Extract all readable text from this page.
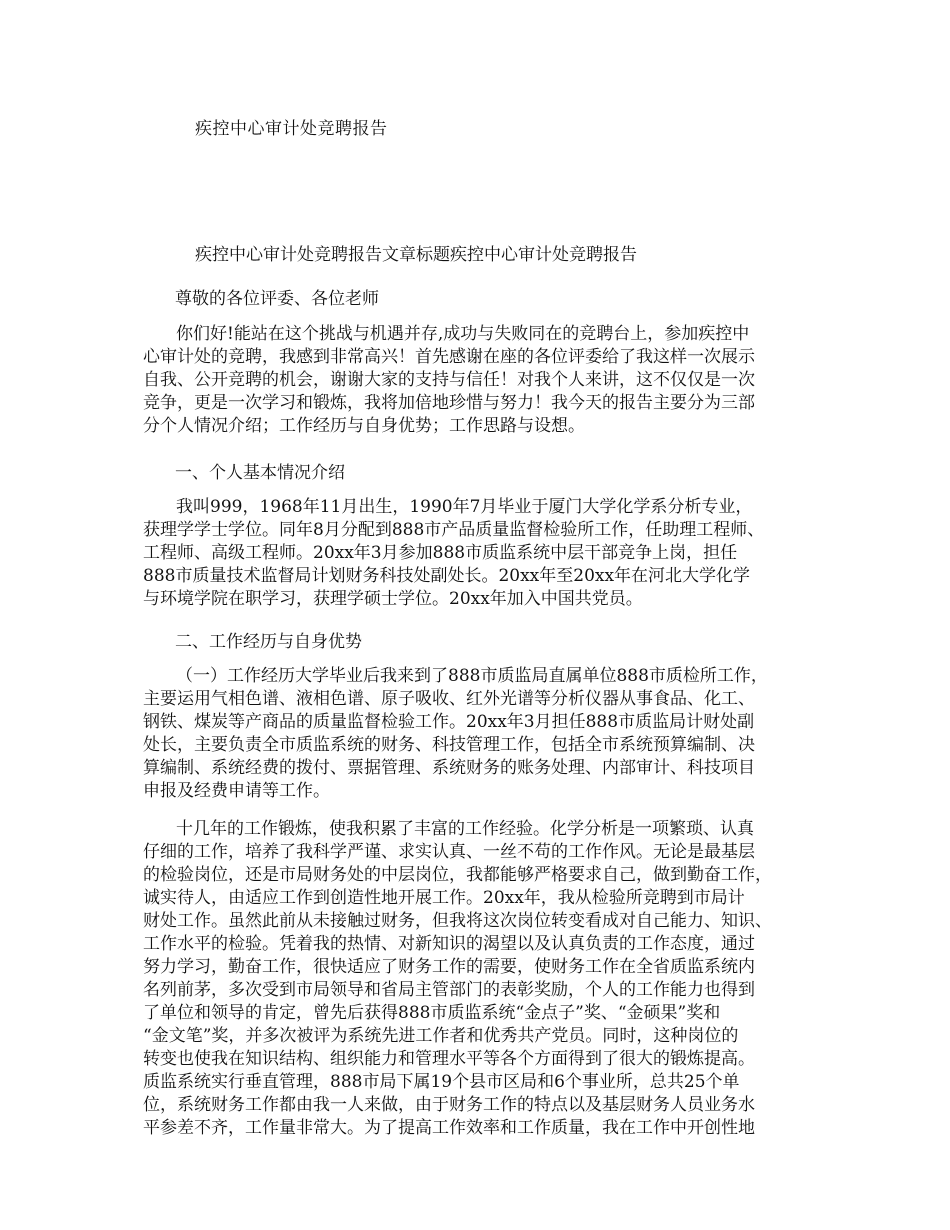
疾控中心审计处竞聘报告
疾控中心审计处竞聘报告文章标题疾控中心审计处竞聘报告
尊敬的各位评委、各位老师
你们好!能站在这个挑战与机遇并存,成功与失败同在的竞聘台上，参加疾控中
心审计处的竞聘，我感到非常高兴！首先感谢在座的各位评委给了我这样一次展示
自我、公开竞聘的机会，谢谢大家的支持与信任！对我个人来讲，这不仅仅是一次
竞争，更是一次学习和锻炼，我将加倍地珍惜与努力！我今天的报告主要分为三部
分个人情况介绍；工作经历与自身优势；工作思路与设想。
一、个人基本情况介绍
我叫999，1968年11月出生，1990年7月毕业于厦门大学化学系分析专业，
获理学学士学位。同年8月分配到888市产品质量监督检验所工作，任助理工程师、
工程师、高级工程师。20xx年3月参加888市质监系统中层干部竞争上岗，担任
888市质量技术监督局计划财务科技处副处长。20xx年至20xx年在河北大学化学
与环境学院在职学习，获理学硕士学位。20xx年加入中国共党员。
二、工作经历与自身优势
（一）工作经历大学毕业后我来到了888市质监局直属单位888市质检所工作，
主要运用气相色谱、液相色谱、原子吸收、红外光谱等分析仪器从事食品、化工、
钢铁、煤炭等产商品的质量监督检验工作。20xx年3月担任888市质监局计财处副
处长，主要负责全市质监系统的财务、科技管理工作，包括全市系统预算编制、决
算编制、系统经费的拨付、票据管理、系统财务的账务处理、内部审计、科技项目
申报及经费申请等工作。
十几年的工作锻炼，使我积累了丰富的工作经验。化学分析是一项繁琐、认真
仔细的工作，培养了我科学严谨、求实认真、一丝不苟的工作作风。无论是最基层
的检验岗位，还是市局财务处的中层岗位，我都能够严格要求自己，做到勤奋工作，
诚实待人，由适应工作到创造性地开展工作。20xx年，我从检验所竞聘到市局计
财处工作。虽然此前从未接触过财务，但我将这次岗位转变看成对自己能力、知识、
工作水平的检验。凭着我的热情、对新知识的渴望以及认真负责的工作态度，通过
努力学习，勤奋工作，很快适应了财务工作的需要，使财务工作在全省质监系统内
名列前茅，多次受到市局领导和省局主管部门的表彰奖励，个人的工作能力也得到
了单位和领导的肯定，曾先后获得888市质监系统“金点子”奖、“金硕果”奖和
“金文笔”奖，并多次被评为系统先进工作者和优秀共产党员。同时，这种岗位的
转变也使我在知识结构、组织能力和管理水平等各个方面得到了很大的锻炼提高。
质监系统实行垂直管理，888市局下属19个县市区局和6个事业所，总共25个单
位，系统财务工作都由我一人来做，由于财务工作的特点以及基层财务人员业务水
平参差不齐，工作量非常大。为了提高工作效率和工作质量，我在工作中开创性地
